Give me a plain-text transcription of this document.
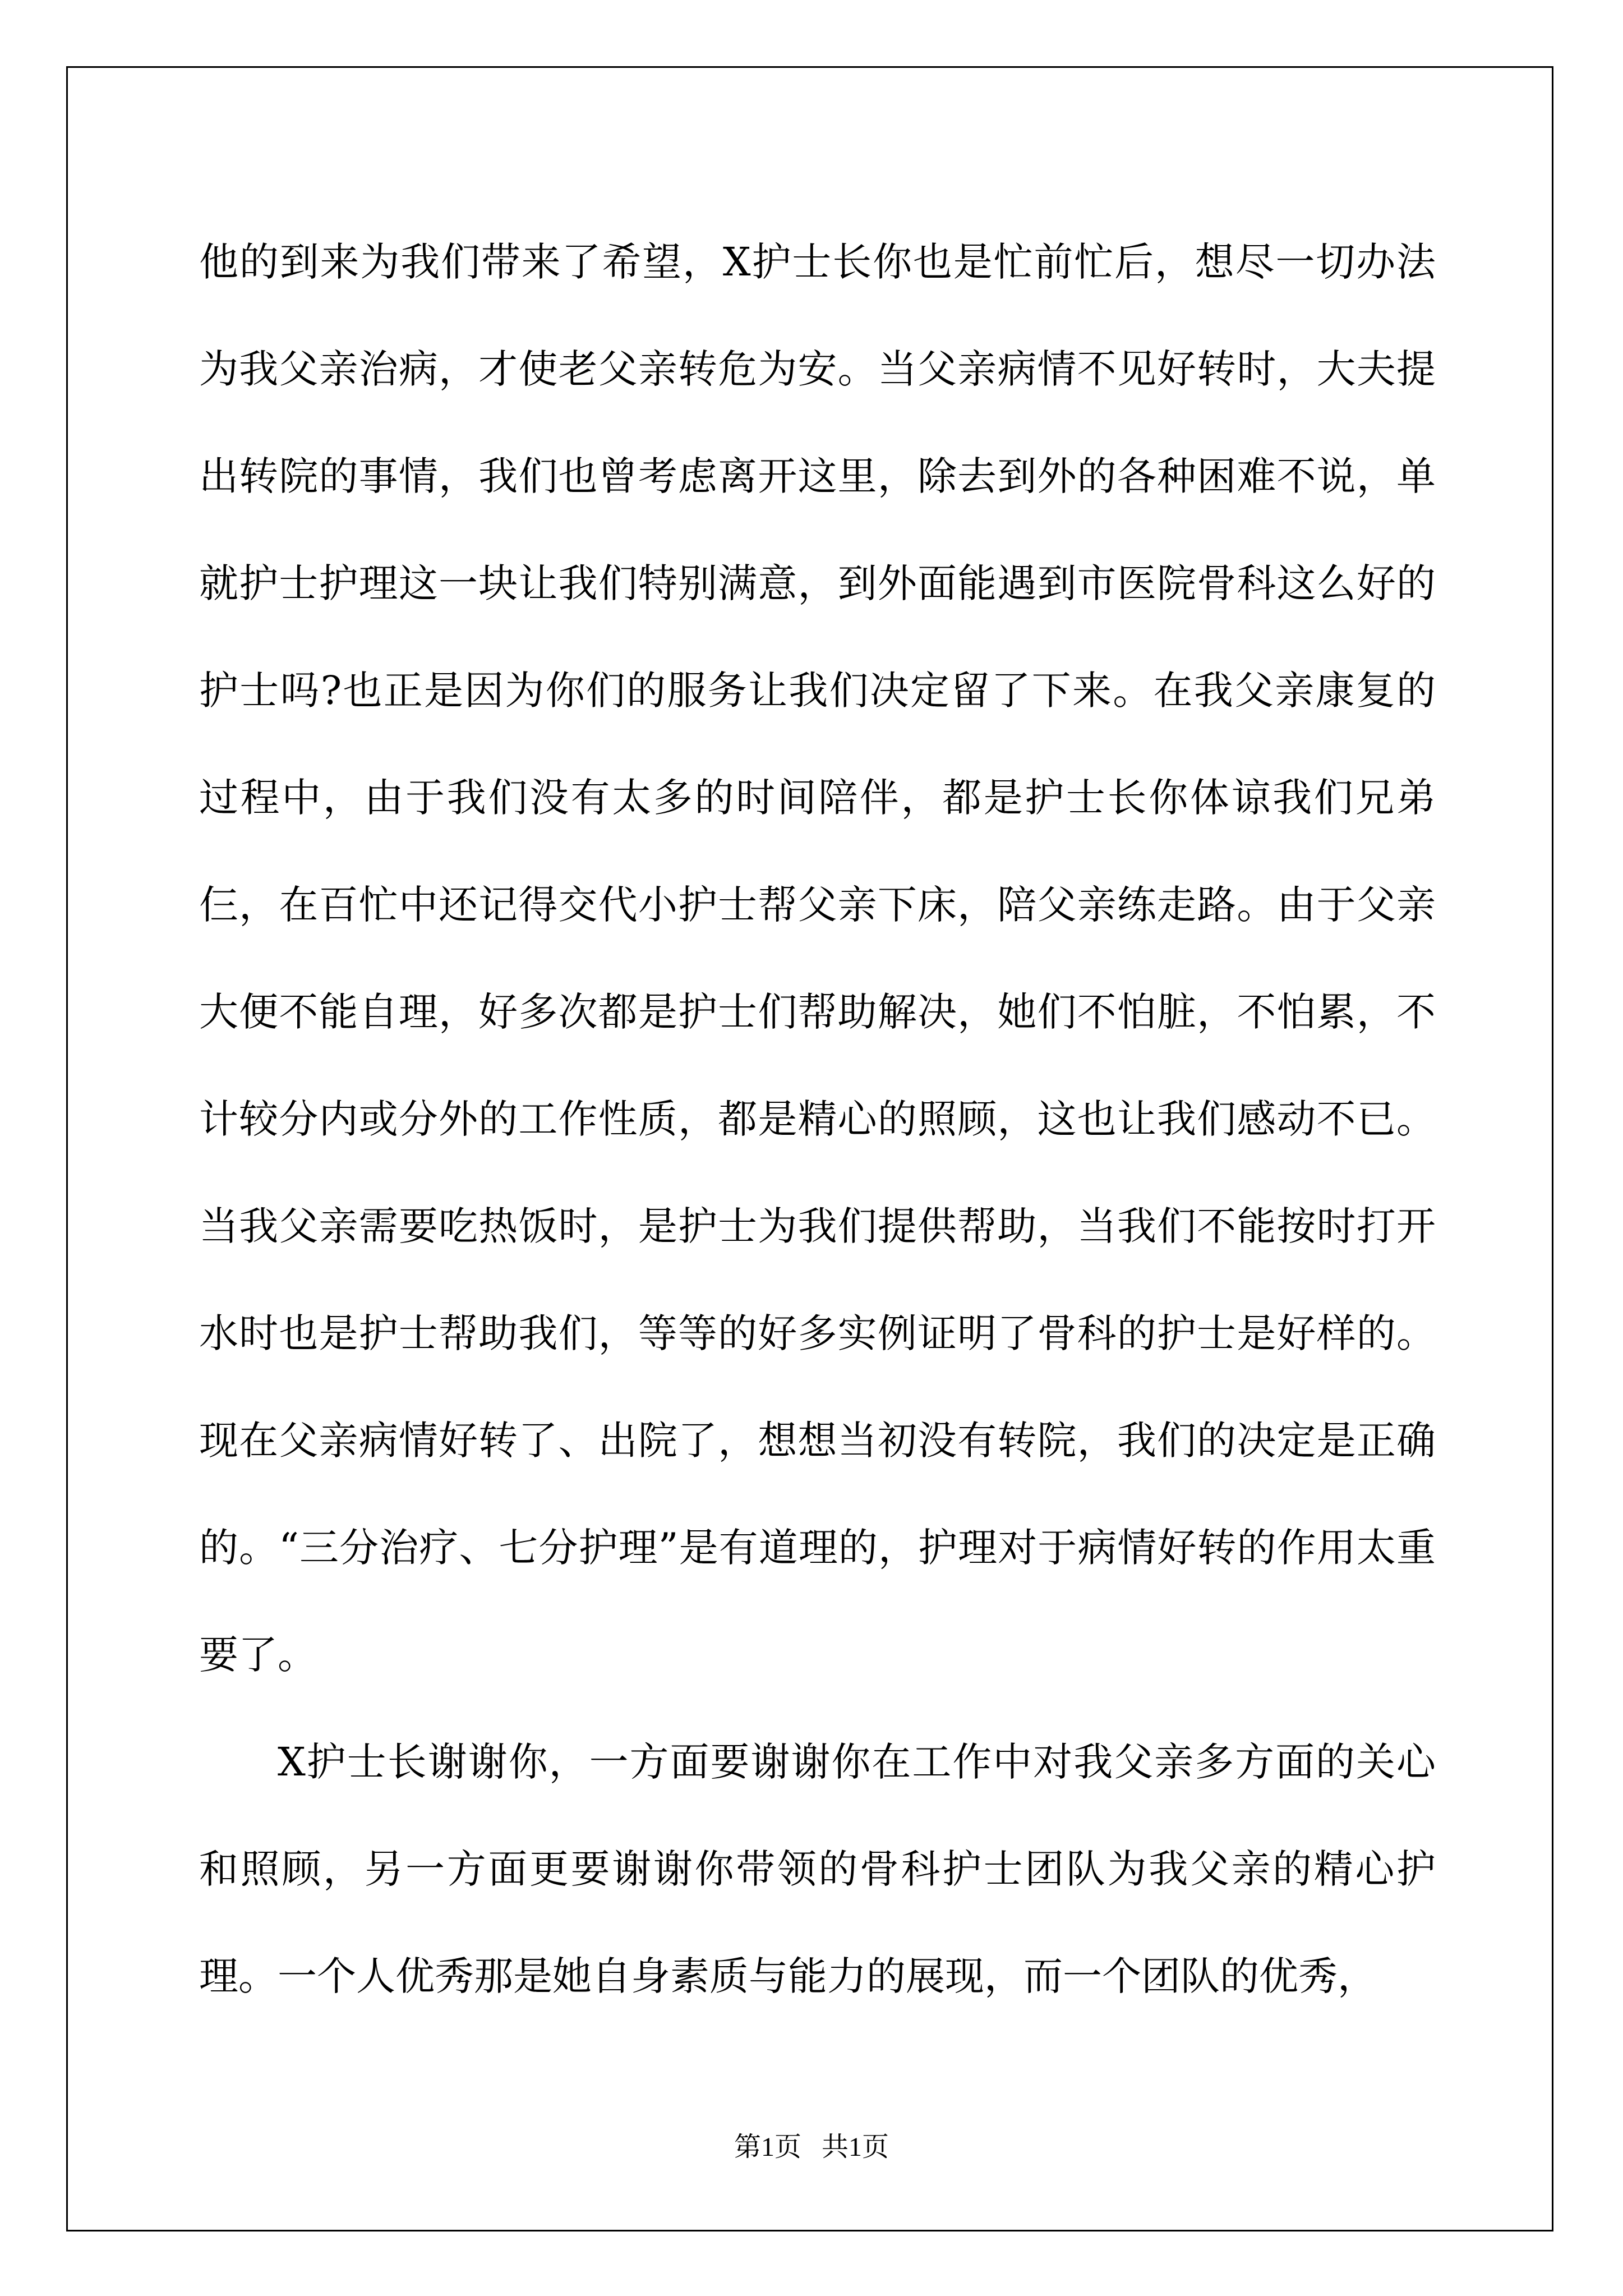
他的到来为我们带来了希望，X护士长你也是忙前忙后，想尽一切办法为我父亲治病，才使老父亲转危为安。当父亲病情不见好转时，大夫提出转院的事情，我们也曾考虑离开这里，除去到外的各种困难不说，单就护士护理这一块让我们特别满意，到外面能遇到市医院骨科这么好的护士吗?也正是因为你们的服务让我们决定留了下来。在我父亲康复的过程中，由于我们没有太多的时间陪伴，都是护士长你体谅我们兄弟仨，在百忙中还记得交代小护士帮父亲下床，陪父亲练走路。由于父亲大便不能自理，好多次都是护士们帮助解决，她们不怕脏，不怕累，不计较分内或分外的工作性质，都是精心的照顾，这也让我们感动不已。当我父亲需要吃热饭时，是护士为我们提供帮助，当我们不能按时打开水时也是护士帮助我们，等等的好多实例证明了骨科的护士是好样的。现在父亲病情好转了、出院了，想想当初没有转院，我们的决定是正确的。“三分治疗、七分护理”是有道理的，护理对于病情好转的作用太重要了。

X护士长谢谢你，一方面要谢谢你在工作中对我父亲多方面的关心和照顾，另一方面更要谢谢你带领的骨科护士团队为我父亲的精心护理。一个人优秀那是她自身素质与能力的展现，而一个团队的优秀，

第1页   共1页
